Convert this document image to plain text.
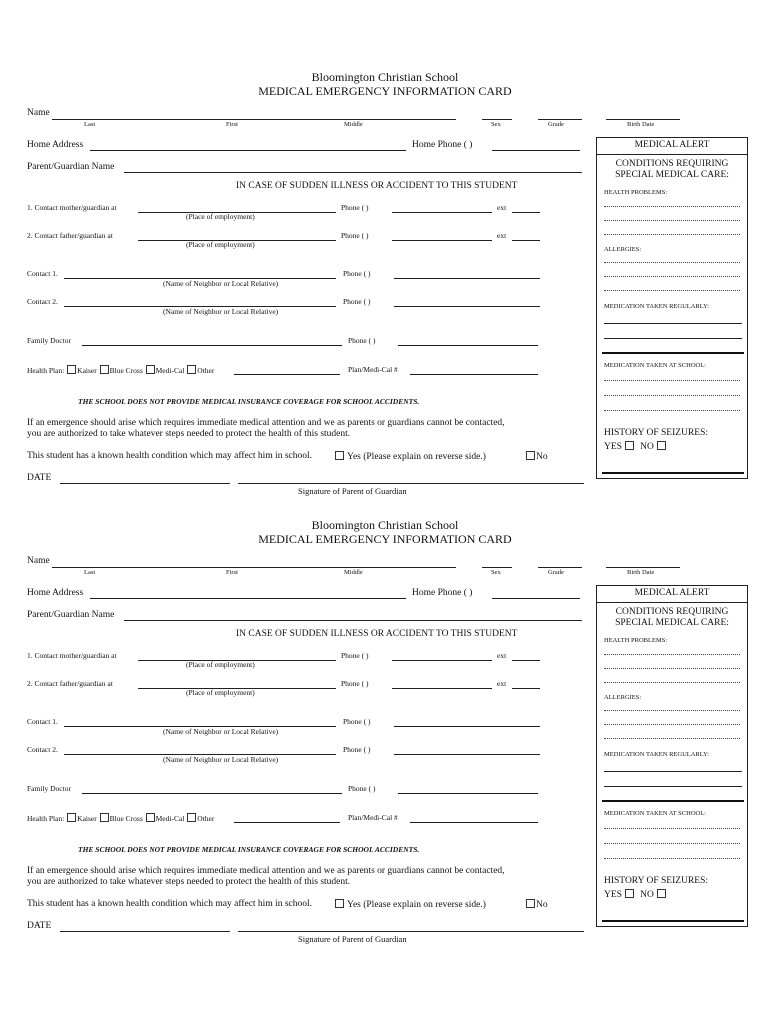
Bloomington Christian School
MEDICAL EMERGENCY INFORMATION CARD
Name
Last	First	Middle	Sex	Grade	Birth Date
Home Address	Home Phone ( )
Parent/Guardian Name
IN CASE OF SUDDEN ILLNESS OR ACCIDENT TO THIS STUDENT
1. Contact mother/guardian at	Phone ( )	ext
(Place of employment)
2. Contact father/guardian at	Phone ( )	ext
(Place of employment)
Contact 1.	Phone ( )
(Name of Neighbor or Local Relative)
Contact 2.	Phone ( )
(Name of Neighbor or Local Relative)
Family Doctor	Phone ( )
Health Plan: Kaiser Blue Cross Medi-Cal Other	Plan/Medi-Cal #
THE SCHOOL DOES NOT PROVIDE MEDICAL INSURANCE COVERAGE FOR SCHOOL ACCIDENTS.
If an emergence should arise which requires immediate medical attention and we as parents or guardians cannot be contacted,
you are authorized to take whatever steps needed to protect the health of this student.
This student has a known health condition which may affect him in school.	Yes (Please explain on reverse side.)	No
DATE
Signature of Parent of Guardian
MEDICAL ALERT
CONDITIONS REQUIRING
SPECIAL MEDICAL CARE:
HEALTH PROBLEMS:
ALLERGIES:
MEDICATION TAKEN REGULARLY:
MEDICATION TAKEN AT SCHOOL:
HISTORY OF SEIZURES:
YES NO
Bloomington Christian School
MEDICAL EMERGENCY INFORMATION CARD
Name
Last	First	Middle	Sex	Grade	Birth Date
Home Address	Home Phone ( )
Parent/Guardian Name
IN CASE OF SUDDEN ILLNESS OR ACCIDENT TO THIS STUDENT
1. Contact mother/guardian at	Phone ( )	ext
(Place of employment)
2. Contact father/guardian at	Phone ( )	ext
(Place of employment)
Contact 1.	Phone ( )
(Name of Neighbor or Local Relative)
Contact 2.	Phone ( )
(Name of Neighbor or Local Relative)
Family Doctor	Phone ( )
Health Plan: Kaiser Blue Cross Medi-Cal Other	Plan/Medi-Cal #
THE SCHOOL DOES NOT PROVIDE MEDICAL INSURANCE COVERAGE FOR SCHOOL ACCIDENTS.
If an emergence should arise which requires immediate medical attention and we as parents or guardians cannot be contacted,
you are authorized to take whatever steps needed to protect the health of this student.
This student has a known health condition which may affect him in school.	Yes (Please explain on reverse side.)	No
DATE
Signature of Parent of Guardian
MEDICAL ALERT
CONDITIONS REQUIRING
SPECIAL MEDICAL CARE:
HEALTH PROBLEMS:
ALLERGIES:
MEDICATION TAKEN REGULARLY:
MEDICATION TAKEN AT SCHOOL:
HISTORY OF SEIZURES:
YES NO
